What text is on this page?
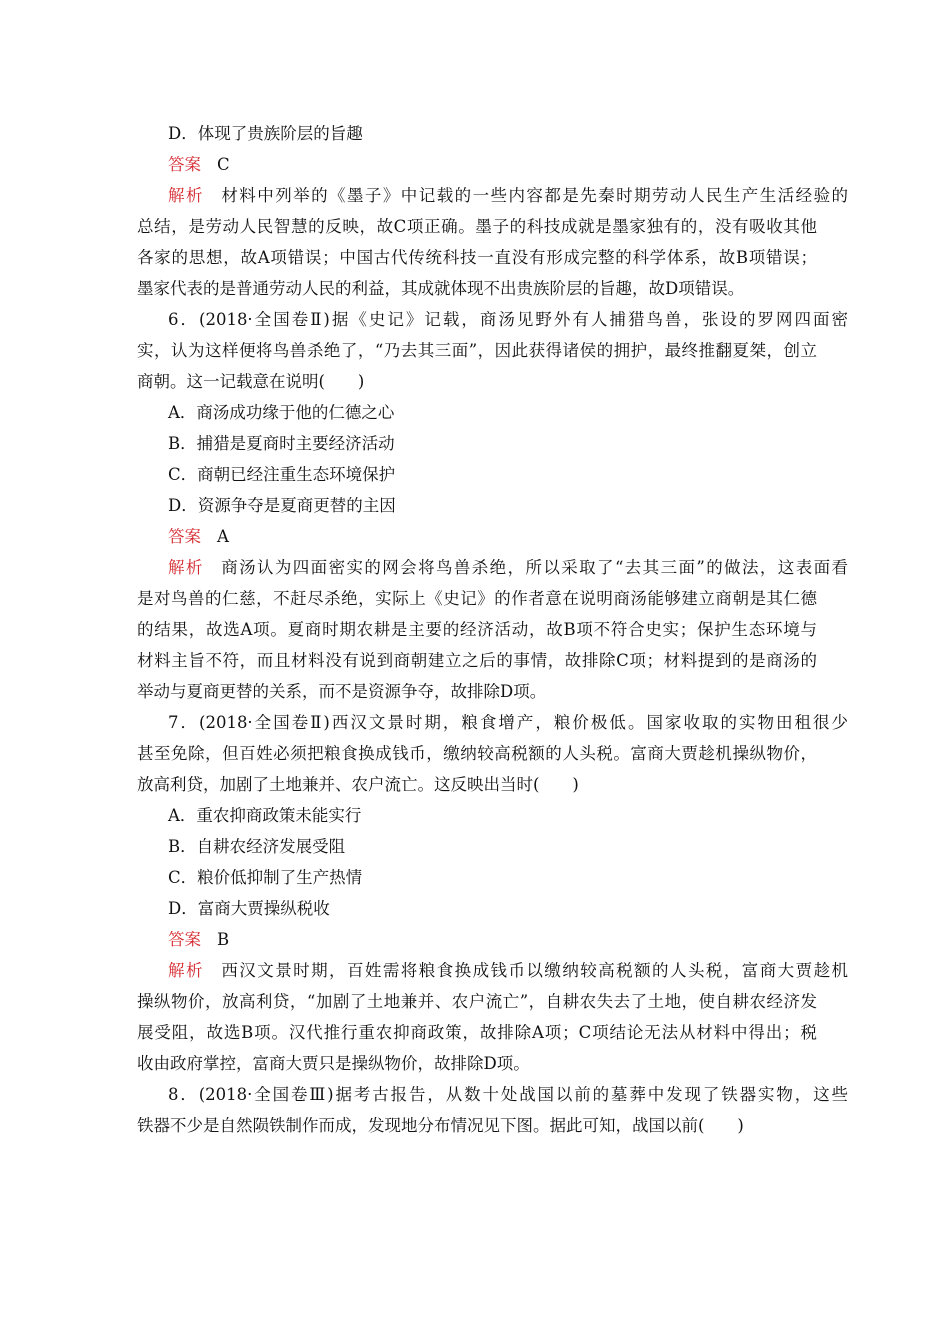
D．体现了贵族阶层的旨趣
答案 C
解析 材料中列举的《墨子》中记载的一些内容都是先秦时期劳动人民生产生活经验的
总结，是劳动人民智慧的反映，故C项正确。墨子的科技成就是墨家独有的，没有吸收其他
各家的思想，故A项错误；中国古代传统科技一直没有形成完整的科学体系，故B项错误；
墨家代表的是普通劳动人民的利益，其成就体现不出贵族阶层的旨趣，故D项错误。
6．(2018·全国卷Ⅱ)据《史记》记载，商汤见野外有人捕猎鸟兽，张设的罗网四面密
实，认为这样便将鸟兽杀绝了，“乃去其三面”，因此获得诸侯的拥护，最终推翻夏桀，创立
商朝。这一记载意在说明(　　)
A．商汤成功缘于他的仁德之心
B．捕猎是夏商时主要经济活动
C．商朝已经注重生态环境保护
D．资源争夺是夏商更替的主因
答案 A
解析 商汤认为四面密实的网会将鸟兽杀绝，所以采取了“去其三面”的做法，这表面看
是对鸟兽的仁慈，不赶尽杀绝，实际上《史记》的作者意在说明商汤能够建立商朝是其仁德
的结果，故选A项。夏商时期农耕是主要的经济活动，故B项不符合史实；保护生态环境与
材料主旨不符，而且材料没有说到商朝建立之后的事情，故排除C项；材料提到的是商汤的
举动与夏商更替的关系，而不是资源争夺，故排除D项。
7．(2018·全国卷Ⅱ)西汉文景时期，粮食增产，粮价极低。国家收取的实物田租很少
甚至免除，但百姓必须把粮食换成钱币，缴纳较高税额的人头税。富商大贾趁机操纵物价，
放高利贷，加剧了土地兼并、农户流亡。这反映出当时(　　)
A．重农抑商政策未能实行
B．自耕农经济发展受阻
C．粮价低抑制了生产热情
D．富商大贾操纵税收
答案 B
解析 西汉文景时期，百姓需将粮食换成钱币以缴纳较高税额的人头税，富商大贾趁机
操纵物价，放高利贷，“加剧了土地兼并、农户流亡”，自耕农失去了土地，使自耕农经济发
展受阻，故选B项。汉代推行重农抑商政策，故排除A项；C项结论无法从材料中得出；税
收由政府掌控，富商大贾只是操纵物价，故排除D项。
8．(2018·全国卷Ⅲ)据考古报告，从数十处战国以前的墓葬中发现了铁器实物，这些
铁器不少是自然陨铁制作而成，发现地分布情况见下图。据此可知，战国以前(　　)
